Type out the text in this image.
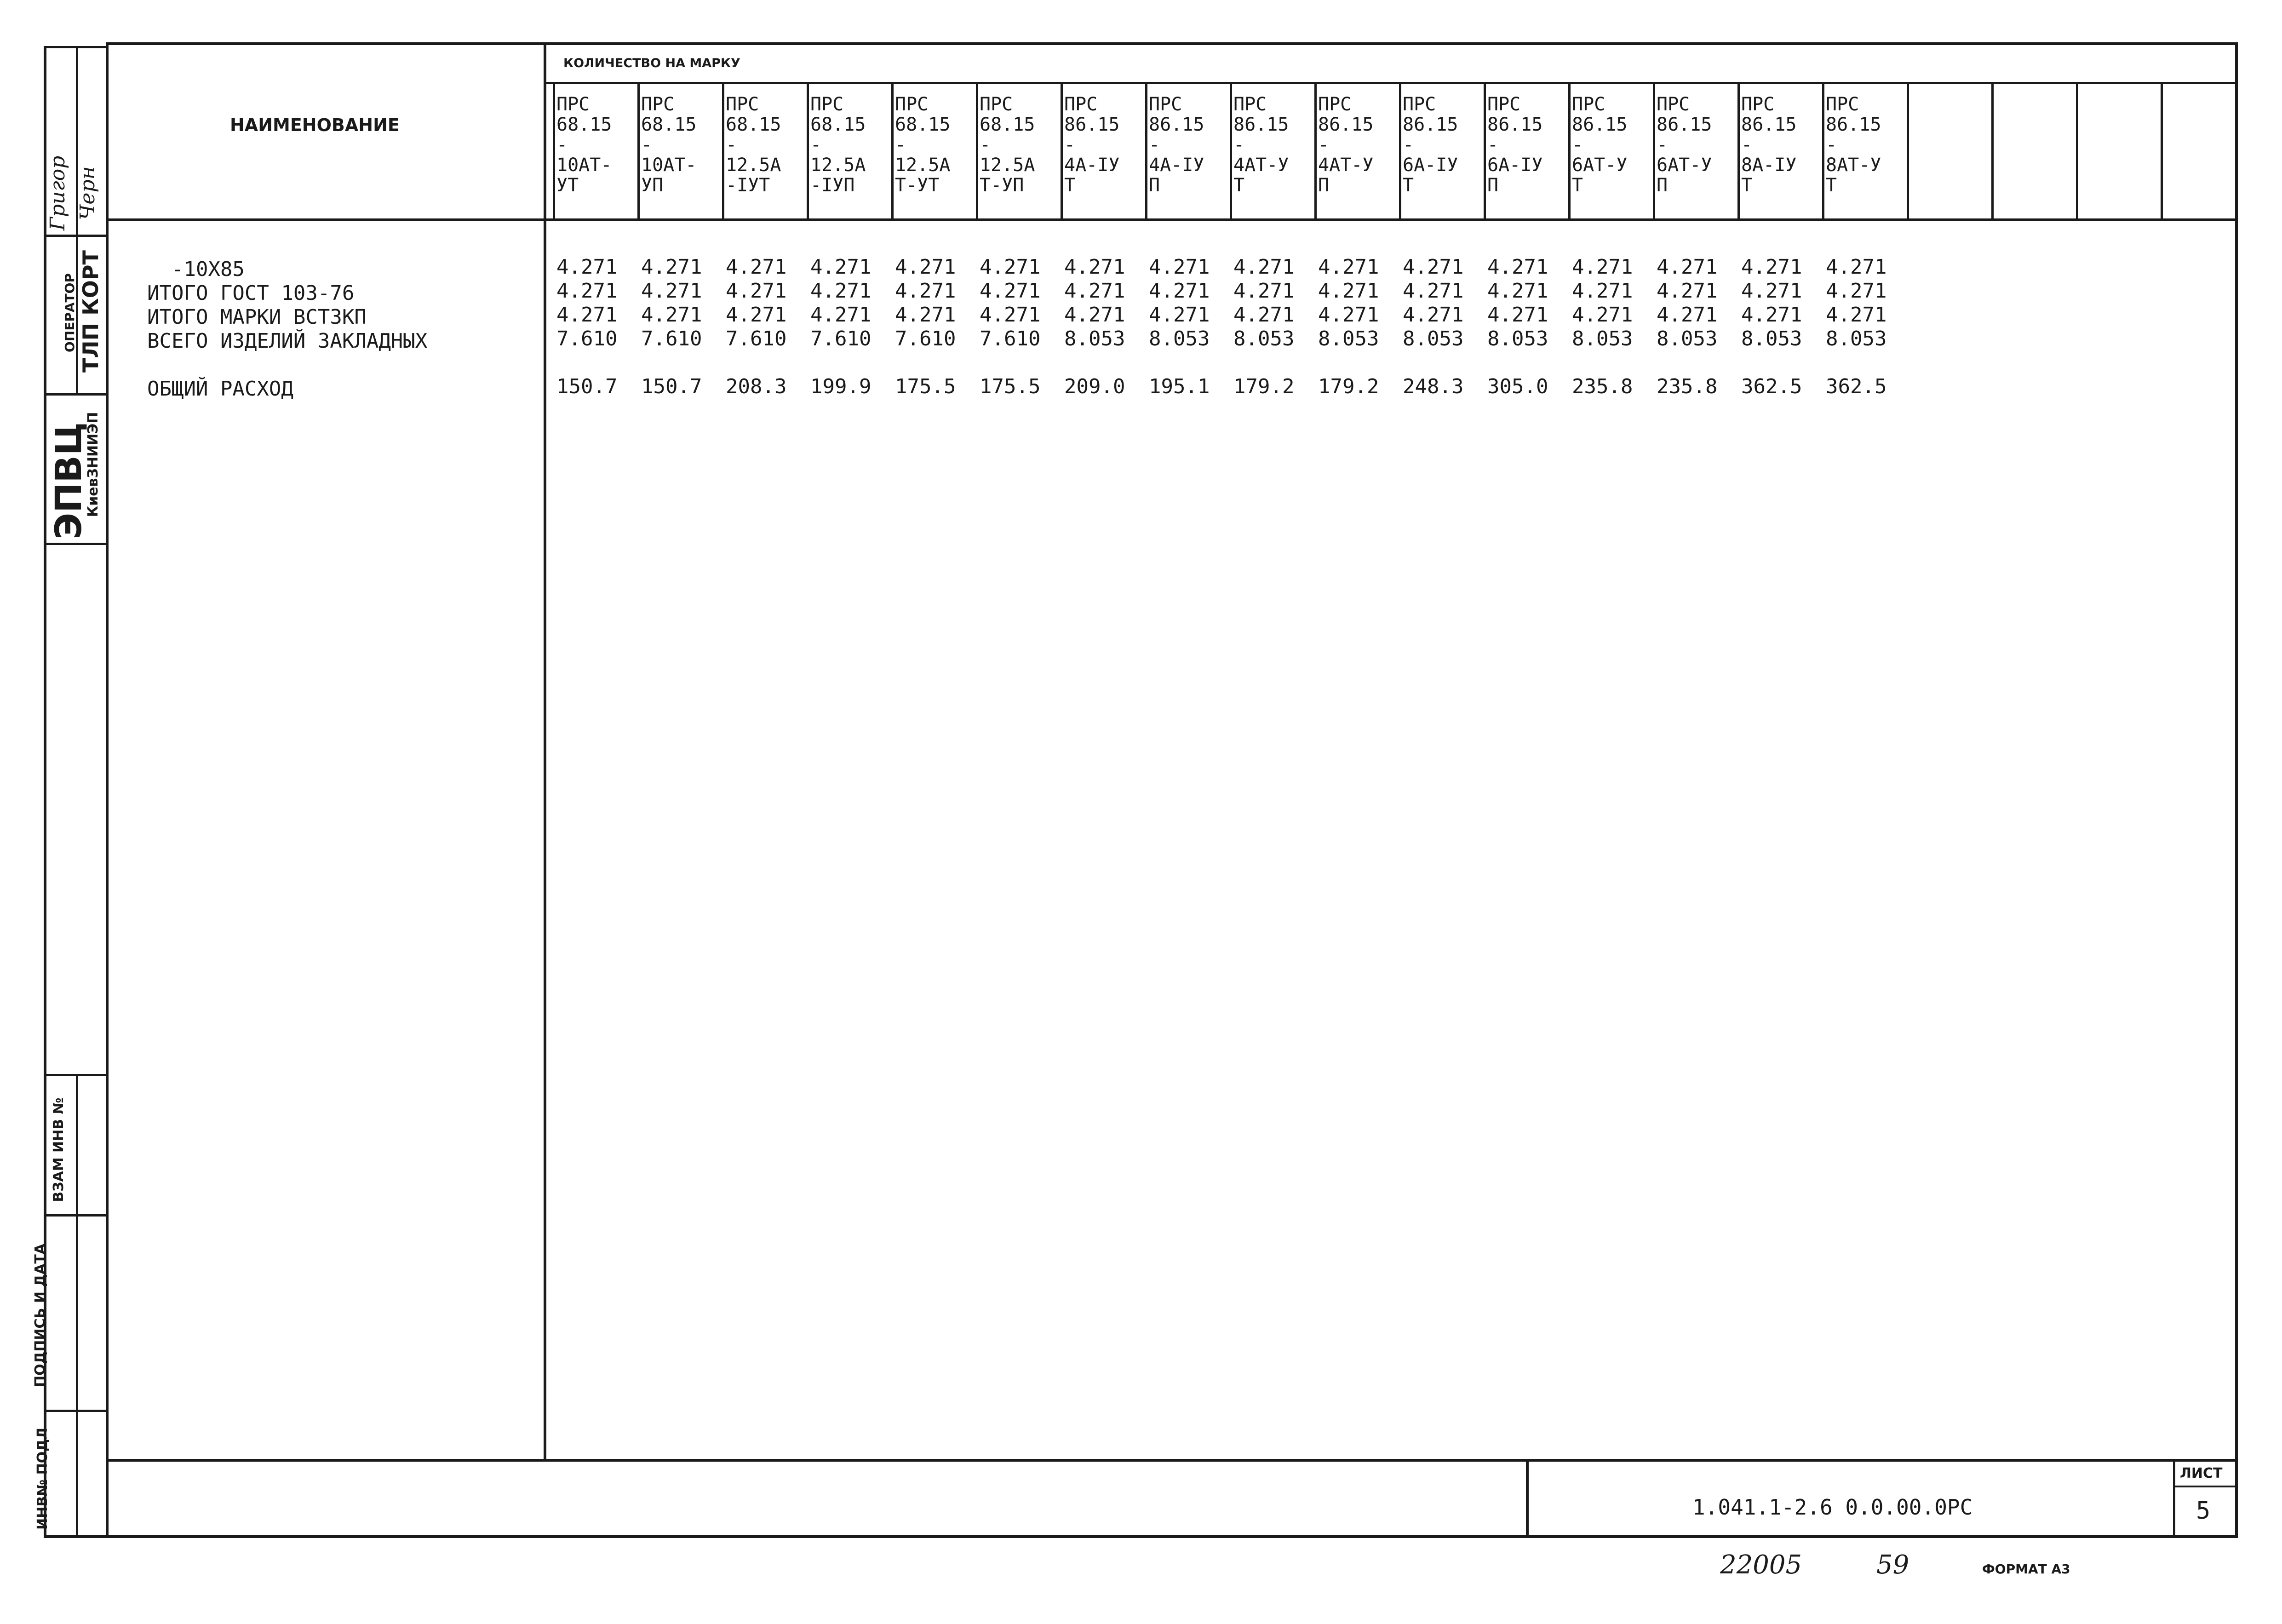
Григор Черн
ОПЕРАТОР ТЛП КОРТ
ЭПВЦ
КиевЗНИИЭП
ВЗАМ ИНВ №
ПОДПИСЬ И ДАТА
ИНВ№ ПОДЛ
НАИМЕНОВАНИЕ
КОЛИЧЕСТВО НА МАРКУ
ПРС
68.15
-
10АТ-
УТ
ПРС
68.15
-
10АТ-
УП
ПРС
68.15
-
12.5А
-IУТ
ПРС
68.15
-
12.5А
-IУП
ПРС
68.15
-
12.5А
Т-УТ
ПРС
68.15
-
12.5А
Т-УП
ПРС
86.15
-
4А-IУ
Т
ПРС
86.15
-
4А-IУ
П
ПРС
86.15
-
4АТ-У
Т
ПРС
86.15
-
4АТ-У
П
ПРС
86.15
-
6А-IУ
Т
ПРС
86.15
-
6А-IУ
П
ПРС
86.15
-
6АТ-У
Т
ПРС
86.15
-
6АТ-У
П
ПРС
86.15
-
8А-IУ
Т
ПРС
86.15
-
8АТ-У
Т
-10Х85
ИТОГО ГОСТ 103-76
ИТОГО МАРКИ ВСТЗКП
ВСЕГО ИЗДЕЛИЙ ЗАКЛАДНЫХ
ОБЩИЙ РАСХОД
4.271 4.271 4.271 4.271 4.271 4.271 4.271 4.271 4.271 4.271 4.271 4.271 4.271 4.271 4.271 4.271
4.271 4.271 4.271 4.271 4.271 4.271 4.271 4.271 4.271 4.271 4.271 4.271 4.271 4.271 4.271 4.271
4.271 4.271 4.271 4.271 4.271 4.271 4.271 4.271 4.271 4.271 4.271 4.271 4.271 4.271 4.271 4.271
7.610 7.610 7.610 7.610 7.610 7.610 8.053 8.053 8.053 8.053 8.053 8.053 8.053 8.053 8.053 8.053
150.7 150.7 208.3 199.9 175.5 175.5 209.0 195.1 179.2 179.2 248.3 305.0 235.8 235.8 362.5 362.5
1.041.1-2.6 0.0.00.0РС
ЛИСТ
5
22005	59	ФОРМАТ А3
